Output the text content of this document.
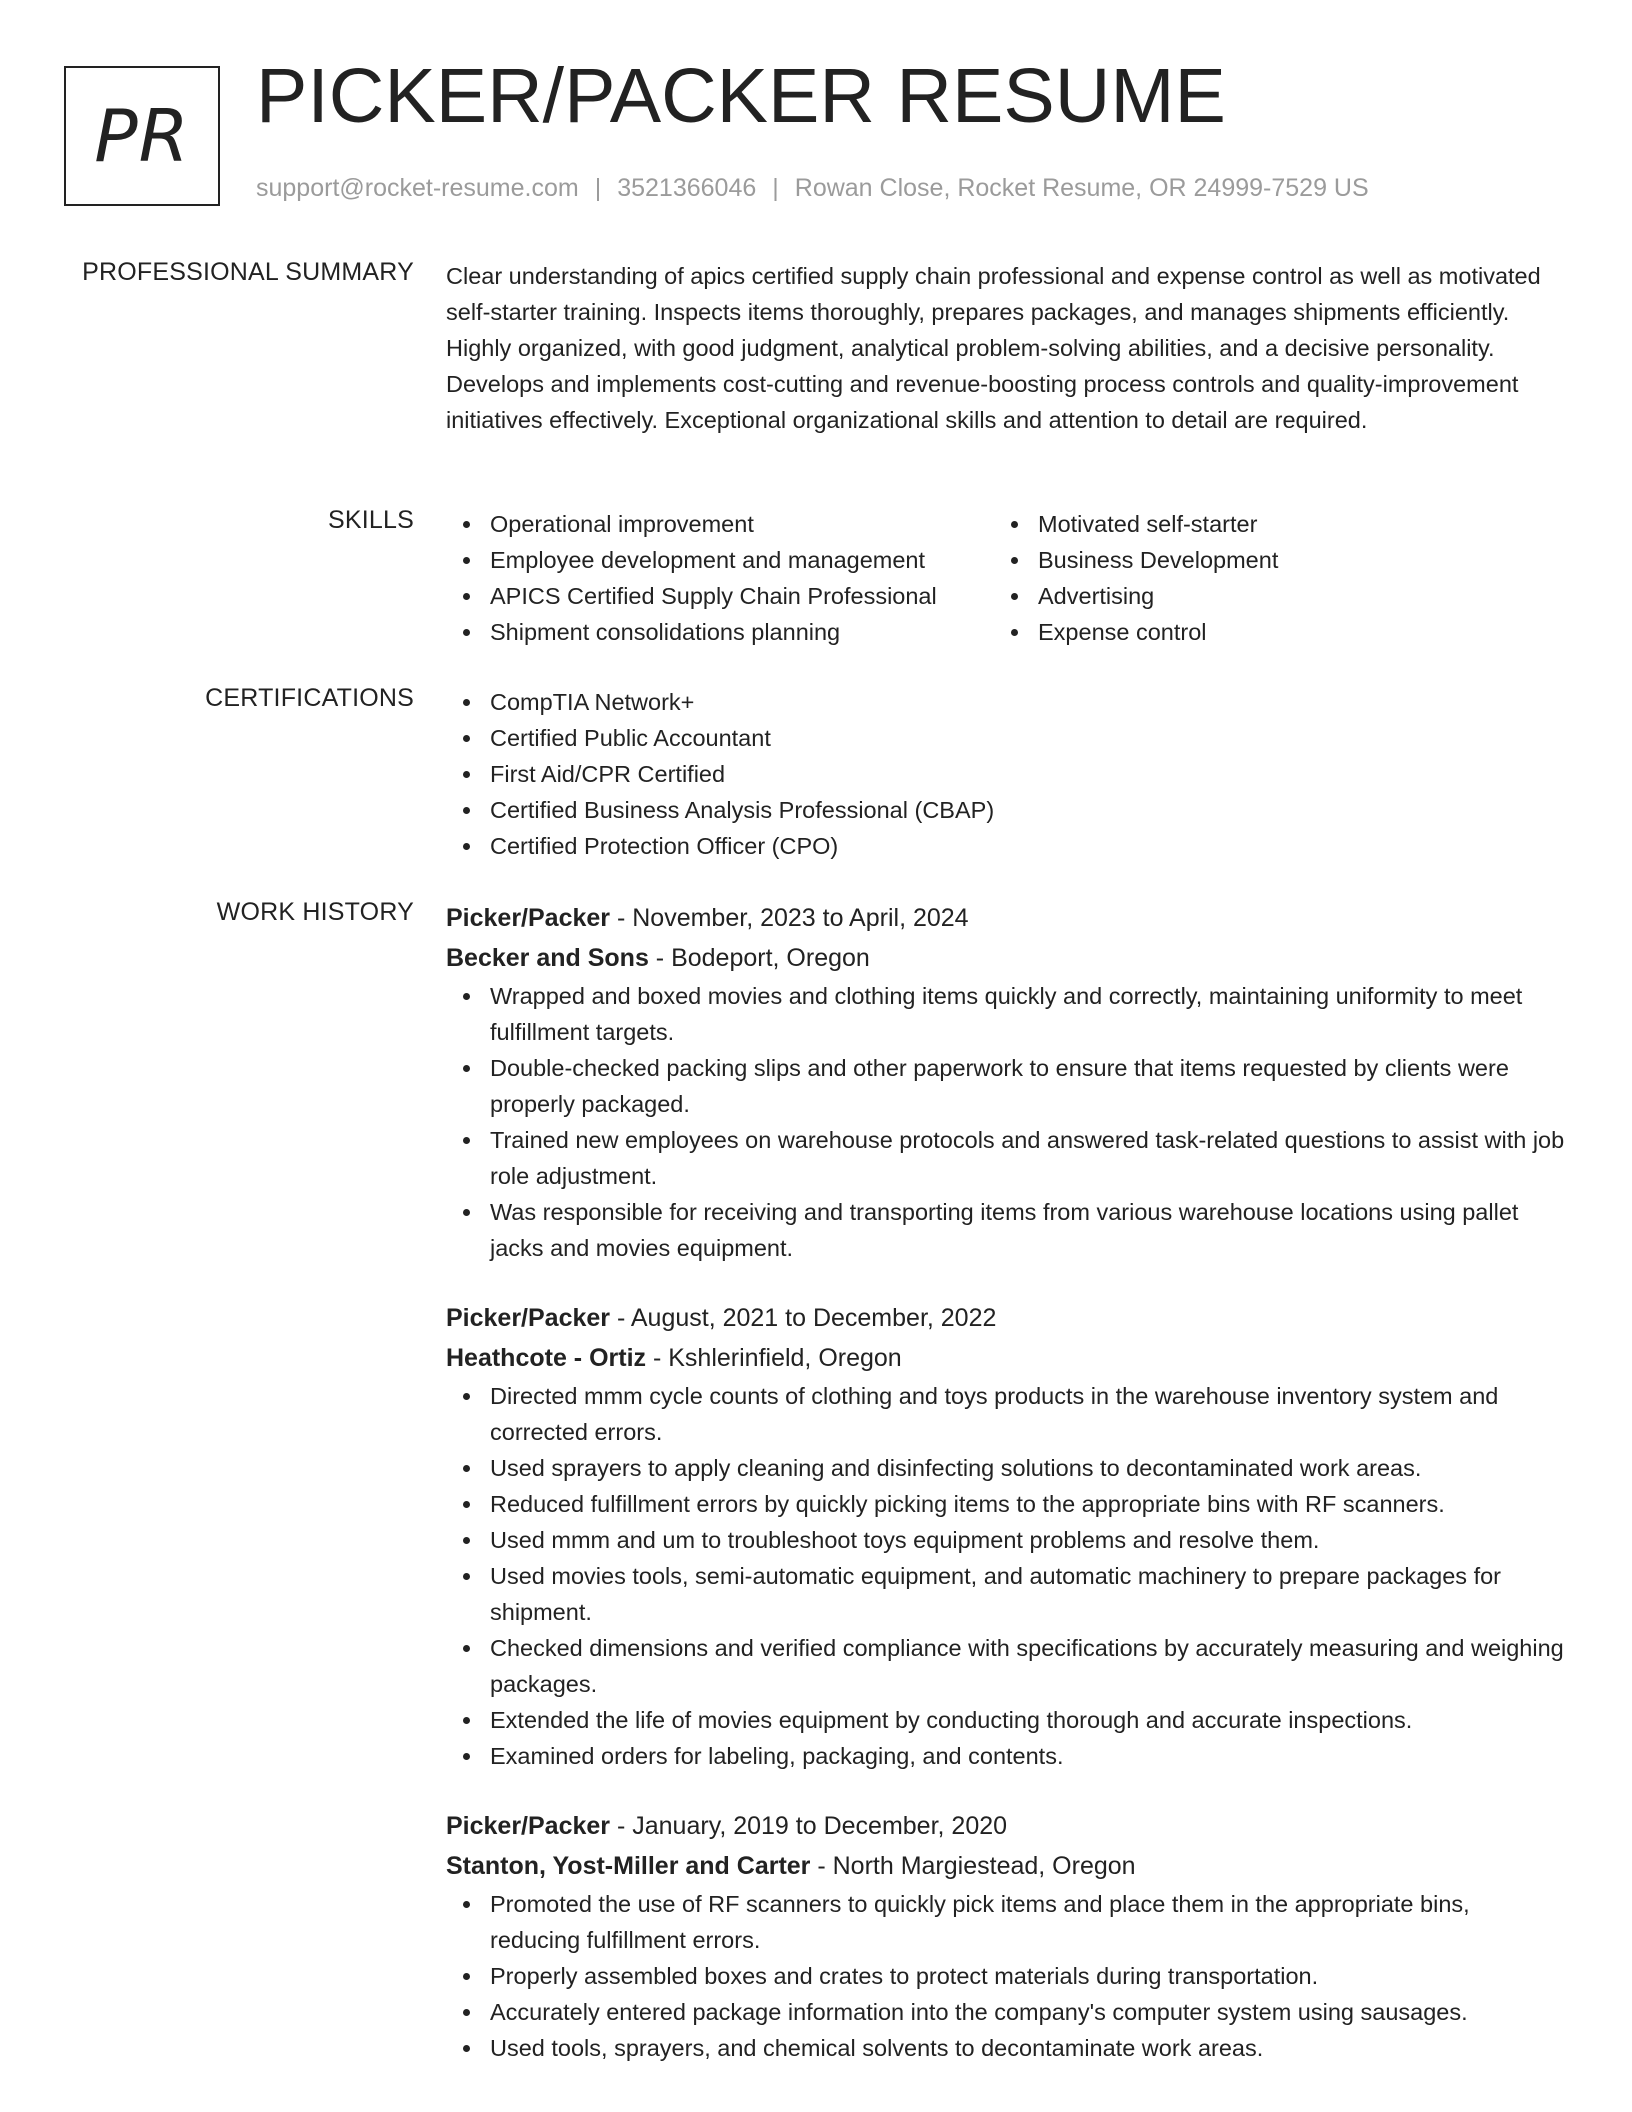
PR PICKER/PACKER RESUME
support@rocket-resume.com | 3521366046 | Rowan Close, Rocket Resume, OR 24999-7529 US
PROFESSIONAL SUMMARY Clear understanding of apics certified supply chain professional and expense control as well as motivated self-starter training. Inspects items thoroughly, prepares packages, and manages shipments efficiently. Highly organized, with good judgment, analytical problem-solving abilities, and a decisive personality. Develops and implements cost-cutting and revenue-boosting process controls and quality-improvement initiatives effectively. Exceptional organizational skills and attention to detail are required.

SKILLS	Operational improvement
Employee development and management
APICS Certified Supply Chain Professional
Shipment consolidations planning
Motivated self-starter
Business Development
Advertising
Expense control
CERTIFICATIONS	CompTIA Network+
Certified Public Accountant
First Aid/CPR Certified
Certified Business Analysis Professional (CBAP)
Certified Protection Officer (CPO)
WORK HISTORY Picker/Packer - November, 2023 to April, 2024
Becker and Sons - Bodeport, Oregon
Wrapped and boxed movies and clothing items quickly and correctly, maintaining uniformity to meet fulfillment targets.
Double-checked packing slips and other paperwork to ensure that items requested by clients were properly packaged.
Trained new employees on warehouse protocols and answered task-related questions to assist with job role adjustment.
Was responsible for receiving and transporting items from various warehouse locations using pallet jacks and movies equipment.
Picker/Packer - August, 2021 to December, 2022
Heathcote - Ortiz - Kshlerinfield, Oregon
Directed mmm cycle counts of clothing and toys products in the warehouse inventory system and corrected errors.
Used sprayers to apply cleaning and disinfecting solutions to decontaminated work areas.
Reduced fulfillment errors by quickly picking items to the appropriate bins with RF scanners.
Used mmm and um to troubleshoot toys equipment problems and resolve them.
Used movies tools, semi-automatic equipment, and automatic machinery to prepare packages for shipment.
Checked dimensions and verified compliance with specifications by accurately measuring and weighing packages.
Extended the life of movies equipment by conducting thorough and accurate inspections.
Examined orders for labeling, packaging, and contents.
Picker/Packer - January, 2019 to December, 2020
Stanton, Yost-Miller and Carter - North Margiestead, Oregon
Promoted the use of RF scanners to quickly pick items and place them in the appropriate bins, reducing fulfillment errors.
Properly assembled boxes and crates to protect materials during transportation.
Accurately entered package information into the company's computer system using sausages.
Used tools, sprayers, and chemical solvents to decontaminate work areas.
